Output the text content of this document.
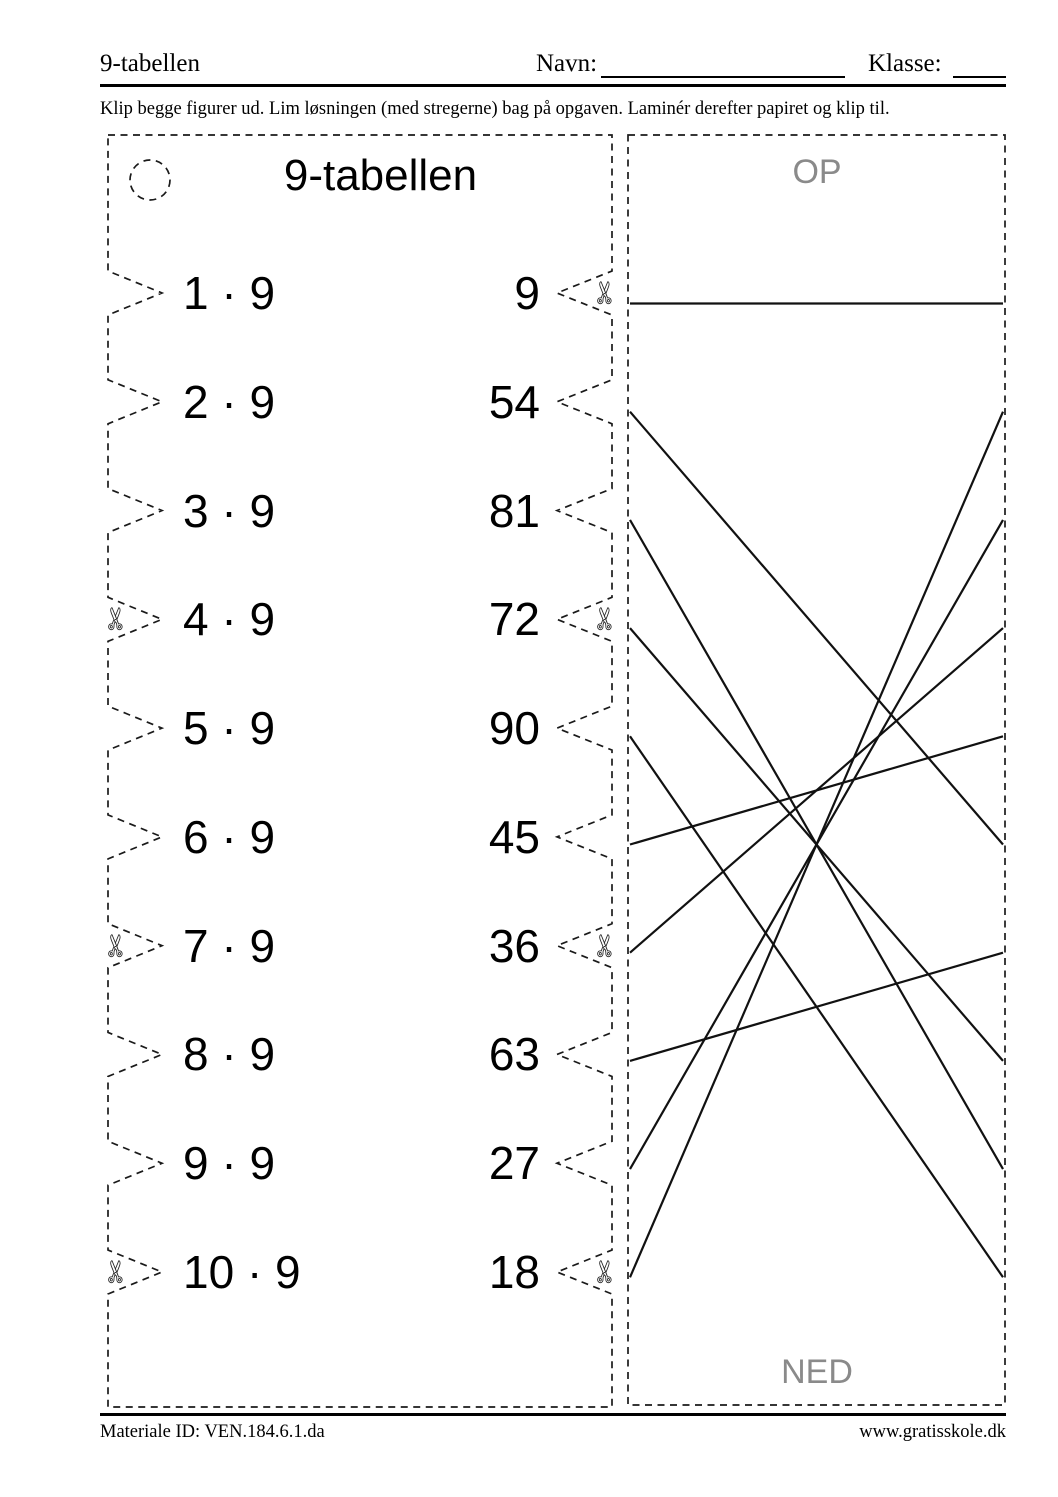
9-tabellen	Navn:	Klasse:
Klip begge figurer ud. Lim løsningen (med stregerne) bag på opgaven. Laminér derefter papiret og klip til.
9-tabellen
1 · 9	9
2 · 9	54
3 · 9	81
4 · 9	72
5 · 9	90
6 · 9	45
7 · 9	36
8 · 9	63
9 · 9	27
10 · 9	18
✄
✄
✄
✄
✄
✄
✄
OP
NED
Materiale ID: VEN.184.6.1.da	www.gratisskole.dk
